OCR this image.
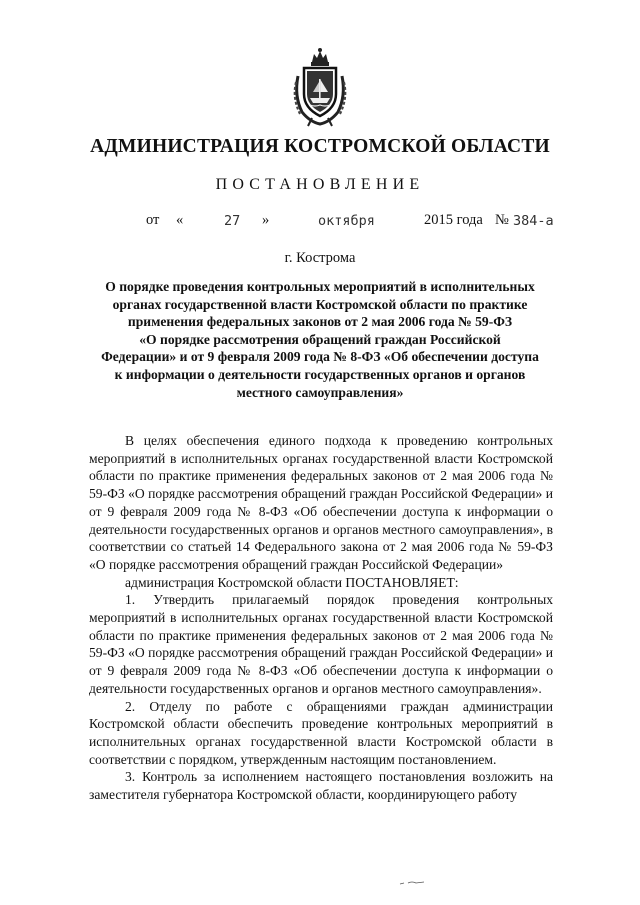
АДМИНИСТРАЦИЯ КОСТРОМСКОЙ ОБЛАСТИ
ПОСТАНОВЛЕНИЕ
от «	27 »	октября	2015 года № 384-а
г. Кострома
О порядке проведения контрольных мероприятий в исполнительных
органах государственной власти Костромской области по практике
применения федеральных законов от 2 мая 2006 года № 59-ФЗ
«О порядке рассмотрения обращений граждан Российской
Федерации» и от 9 февраля 2009 года № 8-ФЗ «Об обеспечении доступа
к информации о деятельности государственных органов и органов
местного самоуправления»

В целях обеспечения единого подхода к проведению контрольных мероприятий в исполнительных органах государственной власти Костромской области по практике применения федеральных законов от 2 мая 2006 года № 59-ФЗ «О порядке рассмотрения обращений граждан Российской Федерации» и от 9 февраля 2009 года № 8-ФЗ «Об обеспечении доступа к информации о деятельности государственных органов и органов местного самоуправления», в соответствии со статьей 14 Федерального закона от 2 мая 2006 года № 59-ФЗ «О порядке рассмотрения обращений граждан Российской Федерации»

администрация Костромской области ПОСТАНОВЛЯЕТ:

1. Утвердить прилагаемый порядок проведения контрольных мероприятий в исполнительных органах государственной власти Костромской области по практике применения федеральных законов от 2 мая 2006 года № 59-ФЗ «О порядке рассмотрения обращений граждан Российской Федерации» и от 9 февраля 2009 года № 8-ФЗ «Об обеспечении доступа к информации о деятельности государственных органов и органов местного самоуправления».

2. Отделу по работе с обращениями граждан администрации Костромской области обеспечить проведение контрольных мероприятий в исполнительных органах государственной власти Костромской области в соответствии с порядком, утвержденным настоящим постановлением.

3. Контроль за исполнением настоящего постановления возложить на заместителя губернатора Костромской области, координирующего работу
